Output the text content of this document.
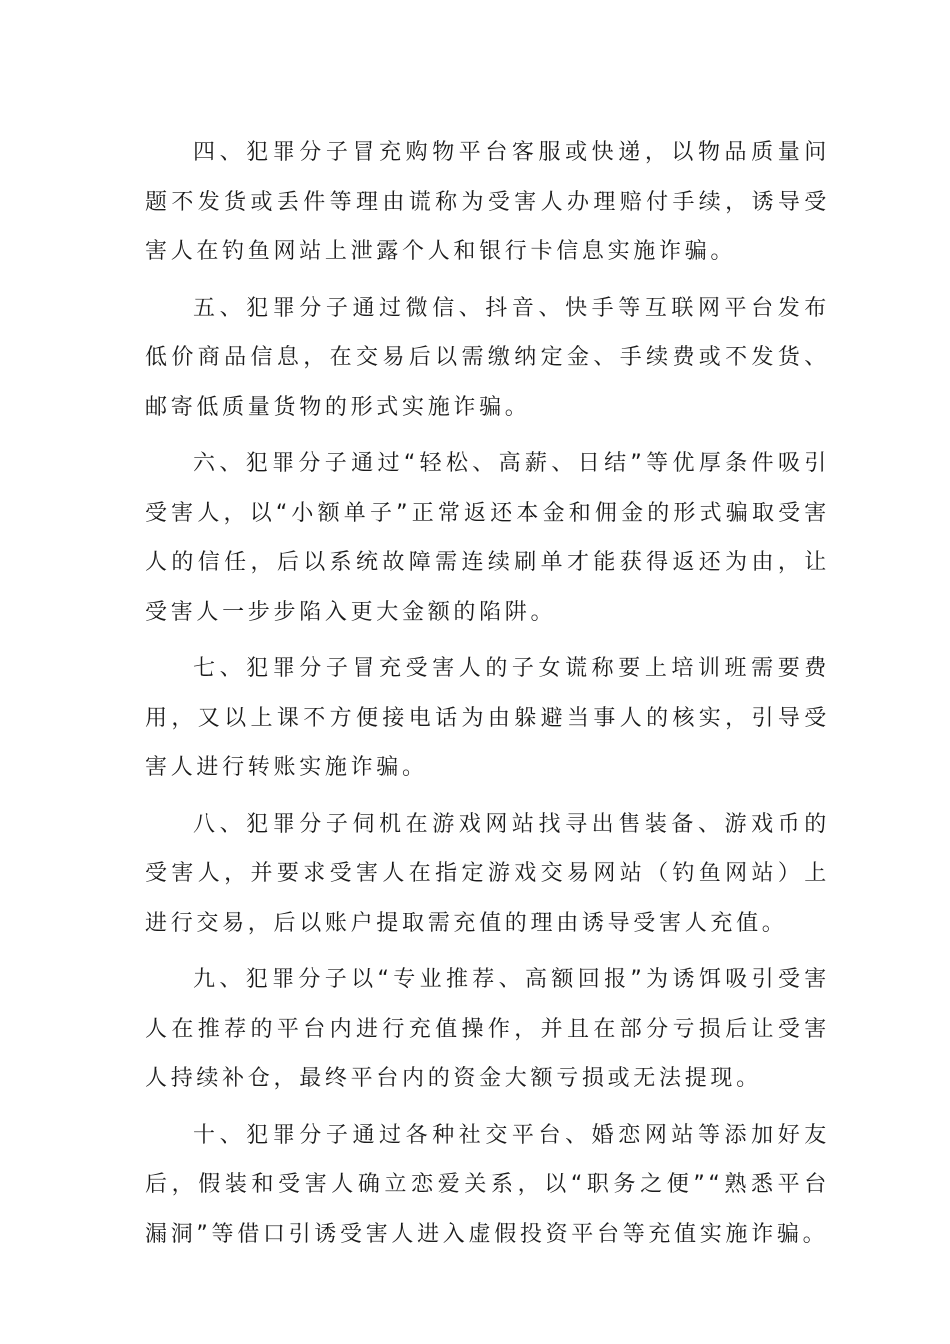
四、犯罪分子冒充购物平台客服或快递，以物品质量问题不发货或丢件等理由谎称为受害人办理赔付手续，诱导受害人在钓鱼网站上泄露个人和银行卡信息实施诈骗。

五、犯罪分子通过微信、抖音、快手等互联网平台发布低价商品信息，在交易后以需缴纳定金、手续费或不发货、邮寄低质量货物的形式实施诈骗。

六、犯罪分子通过“轻松、高薪、日结”等优厚条件吸引受害人，以“小额单子”正常返还本金和佣金的形式骗取受害人的信任，后以系统故障需连续刷单才能获得返还为由，让受害人一步步陷入更大金额的陷阱。

七、犯罪分子冒充受害人的子女谎称要上培训班需要费用，又以上课不方便接电话为由躲避当事人的核实，引导受害人进行转账实施诈骗。

八、犯罪分子伺机在游戏网站找寻出售装备、游戏币的受害人，并要求受害人在指定游戏交易网站（钓鱼网站）上进行交易，后以账户提取需充值的理由诱导受害人充值。

九、犯罪分子以“专业推荐、高额回报”为诱饵吸引受害人在推荐的平台内进行充值操作，并且在部分亏损后让受害人持续补仓，最终平台内的资金大额亏损或无法提现。

十、犯罪分子通过各种社交平台、婚恋网站等添加好友后，假装和受害人确立恋爱关系，以“职务之便”“熟悉平台漏洞”等借口引诱受害人进入虚假投资平台等充值实施诈骗。
